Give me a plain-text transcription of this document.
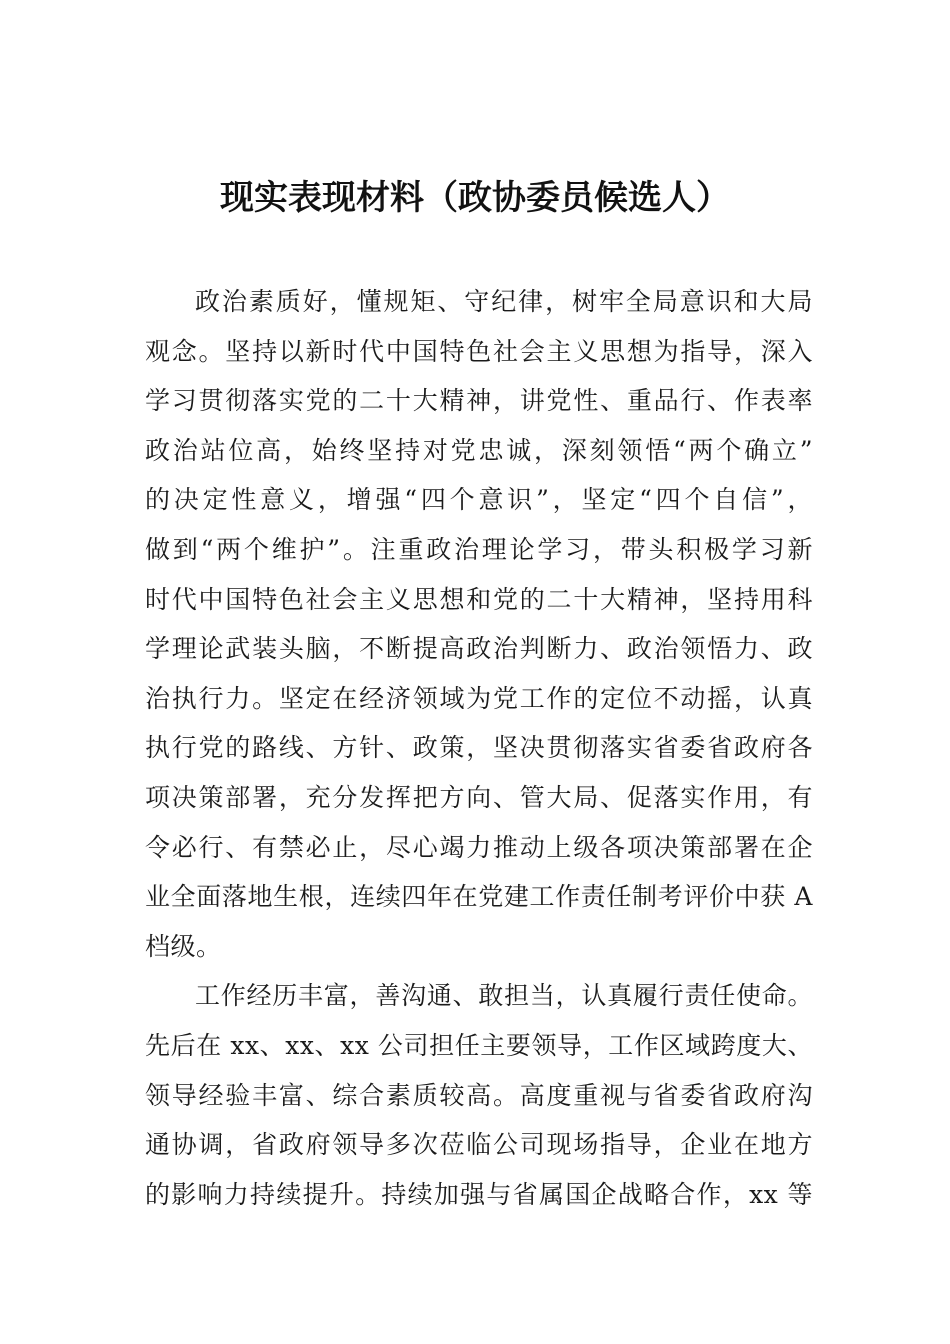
现实表现材料（政协委员候选人）
政治素质好，懂规矩、守纪律，树牢全局意识和大局
观念。坚持以新时代中国特色社会主义思想为指导，深入
学习贯彻落实党的二十大精神，讲党性、重品行、作表率
政治站位高，始终坚持对党忠诚，深刻领悟“两个确立”
的决定性意义，增强“四个意识”，坚定“四个自信”，
做到“两个维护”。注重政治理论学习，带头积极学习新
时代中国特色社会主义思想和党的二十大精神，坚持用科
学理论武装头脑，不断提高政治判断力、政治领悟力、政
治执行力。坚定在经济领域为党工作的定位不动摇，认真
执行党的路线、方针、政策，坚决贯彻落实省委省政府各
项决策部署，充分发挥把方向、管大局、促落实作用，有
令必行、有禁必止，尽心竭力推动上级各项决策部署在企
业全面落地生根，连续四年在党建工作责任制考评价中获 A
档级。
工作经历丰富，善沟通、敢担当，认真履行责任使命。
先后在 xx、xx、xx 公司担任主要领导，工作区域跨度大、
领导经验丰富、综合素质较高。高度重视与省委省政府沟
通协调，省政府领导多次莅临公司现场指导，企业在地方
的影响力持续提升。持续加强与省属国企战略合作，xx 等
